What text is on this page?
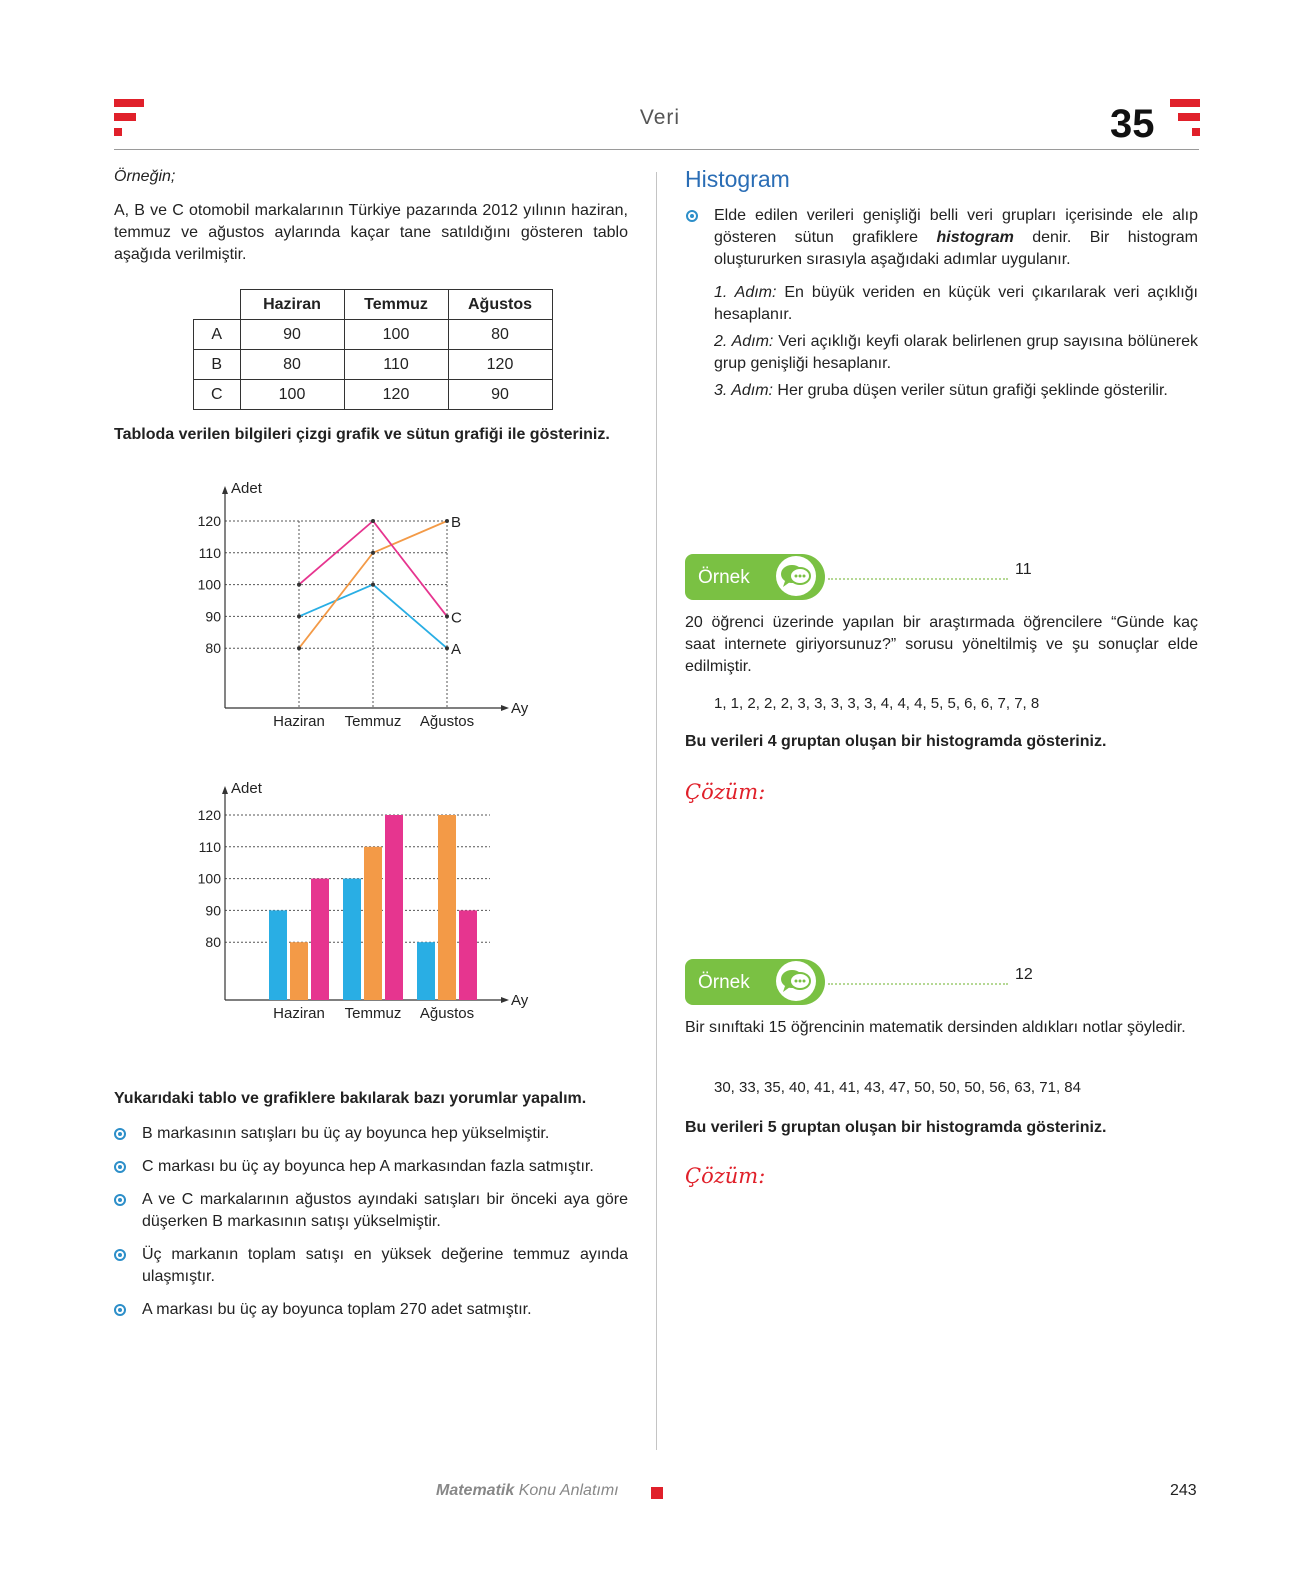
Veri	35
Örneğin;

A, B ve C otomobil markalarının Türkiye pazarında 2012 yılının haziran, temmuz ve ağustos aylarında kaçar tane satıldığını gösteren tablo aşağıda verilmiştir.

	Haziran	Temmuz	Ağustos
A	90	100	80
B	80	110	120
C	100	120	90

Tabloda verilen bilgileri çizgi grafik ve sütun grafiği ile gösteriniz.

80
90
100
110
120
Adet
Ay
Haziran Temmuz Ağustos
A
B
C
80
90
100
110
120
Adet
Ay
Haziran Temmuz Ağustos

Yukarıdaki tablo ve grafiklere bakılarak bazı yorumlar yapalım.

B markasının satışları bu üç ay boyunca hep yükselmiştir.

C markası bu üç ay boyunca hep A markasından fazla satmıştır.

A ve C markalarının ağustos ayındaki satışları bir önceki aya göre düşerken B markasının satışı yükselmiştir.

Üç markanın toplam satışı en yüksek değerine temmuz ayında ulaşmıştır.

A markası bu üç ay boyunca toplam 270 adet satmıştır.

Histogram

Elde edilen verileri genişliği belli veri grupları içerisinde ele alıp gösteren sütun grafiklere histogram denir. Bir histogram oluştururken sırasıyla aşağıdaki adımlar uygulanır.

1. Adım: En büyük veriden en küçük veri çıkarılarak veri açıklığı hesaplanır.

2. Adım: Veri açıklığı keyfi olarak belirlenen grup sayısına bölünerek grup genişliği hesaplanır.

3. Adım: Her gruba düşen veriler sütun grafiği şeklinde gösterilir.

Örnek	11

20 öğrenci üzerinde yapılan bir araştırmada öğrencilere “Günde kaç saat internete giriyorsunuz?” sorusu yöneltilmiş ve şu sonuçlar elde edilmiştir.

1, 1, 2, 2, 2, 3, 3, 3, 3, 3, 4, 4, 4, 5, 5, 6, 6, 7, 7, 8

Bu verileri 4 gruptan oluşan bir histogramda gösteriniz.

Çözüm:
Örnek	12

Bir sınıftaki 15 öğrencinin matematik dersinden aldıkları notlar şöyledir.

30, 33, 35, 40, 41, 41, 43, 47, 50, 50, 50, 56, 63, 71, 84

Bu verileri 5 gruptan oluşan bir histogramda gösteriniz.

Çözüm:
Matematik Konu Anlatımı	243
